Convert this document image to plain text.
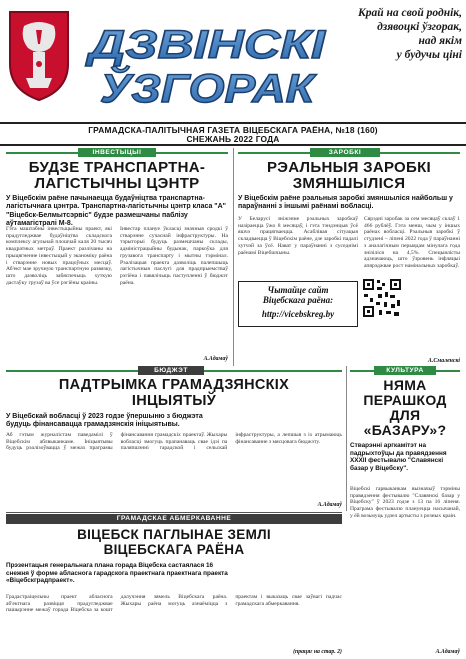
ДЗВІНСКІ
ЎЗГОРАК
Край на свой роднік,
дзявоцкі ўзгорак,
над якім
у будучы ціні
ГРАМАДСКА-ПАЛІТЫЧНАЯ ГАЗЕТА ВІЦЕБСКАГА РАЁНА, №18 (160)
СНЕЖАНЬ 2022 ГОДА
ІНВЕСТЫЦЫІ
БУДЗЕ ТРАНСПАРТНА-
ЛАГІСТЫЧНЫ ЦЭНТР
У Віцебскім раёне пачынаецца будаўніцтва транспартна-лагістычнага цэнтра. Транспартна-лагістычны цэнтр класа "А" "Віцебск-Белмытсэрвіс" будзе размешчаны паблізу аўтамагістралі М-8.
Гэта маштабны інвестыцыйны праект, які прадугледжвае будаўніцтва складскога комплексу агульнай плошчай каля 20 тысяч квадратных метраў. Праект разлічаны на прыцягненне інвестыцый у эканоміку раёна і стварэнне новых працоўных месцаў. Аб'ект мае зручную транспартную развязку, што дазволіць забяспечыць хуткую дастаўку грузаў ва ўсе рэгіёны краіны.
Інвестар плануе ўкласці значныя сродкі ў стварэнне сучаснай інфраструктуры. На тэрыторыі будуць размешчаны склады, адміністрацыйны будынак, паркоўка для грузавога транспарту і мытны тэрмінал. Рэалізацыя праекта дазволіць палепшыць лагістычныя паслугі для прадпрыемстваў рэгіёна і павялічыць паступленні ў бюджэт раёна.
А.Адамаў
ЗАРОБКІ
РЭАЛЬНЫЯ ЗАРОБКІ
ЗМЯНШЫЛІСЯ
У Віцебскім раёне рэальныя заробкі змяншыліся найбольш у параўнанні з іншымі раёнамі вобласці.
У Беларусі зніжэнне рэальных заробкаў назіраецца ўжо 8 месяцаў, і гэта тэндэнцыя ўсё яшчэ працягваецца. Асаблівая сітуацыя складваецца ў Віцебскім раёне, дзе заробкі падалі хутчэй за ўсё. Нават у параўнанні з суседнімі раёнамі Віцебшчыны.
Сярэдні заробак за сем месяцаў склаў 1 466 рублёў. Гэта менш, чым у іншых раёнах вобласці. Рэальныя заробкі ў студзені – ліпені 2022 года ў параўнанні з аналагічным перыядам мінулага года знізіліся на 4,5%. Спецыялісты адзначаюць, што ўзровень інфляцыі апярэджвае рост намінальных заробкаў.
Чытайце сайт
Віцебскага раёна:
http://vicebskreg.by
А.Смаленскі
БЮДЖЭТ
ПАДТРЫМКА ГРАМАДЗЯНСКІХ
ІНЦЫЯТЫЎ
У Віцебскай вобласці ў 2023 годзе ўпершыню з бюджэта будуць фінансавацца грамадзянскія ініцыятывы.
Аб гэтым журналістам паведамілі ў Віцебскім аблвыканкаме. Ініцыятывы будуць рэалізоўвацца ў межах праграмы фінансавання грамадскіх праектаў. Жыхары вобласці змогуць прапанаваць свае ідэі па паляпшэнні гарадской і сельскай інфраструктуры, а лепшыя з іх атрымаюць фінансаванне з мясцовага бюджэту.
А.Адамаў
КУЛЬТУРА
НЯМА
ПЕРАШКОД
ДЛЯ
«БАЗАРУ»?
Стварэнні аргкамітэт на падрыхтоўцы да правядзення XXXII фестывалю "Славянскі базар у Віцебску".
Віцебскі гарвыканкам вызначыў тэрміны правядзення фестывалю "Славянскі базар у Віцебску" ў 2023 годзе з 13 па 16 ліпеня. Праграма фестывалю плануецца насычанай, у ёй возьмуць удзел артысты з розных краін.
А.Адамаў
ГРАМАДСКАЕ АБМЕРКАВАННЕ
ВІЦЕБСК ПАГЛЫНАЕ ЗЕМЛІ
ВІЦЕБСКАГА РАЁНА
Прэзентацыя генеральнага плана горада Віцебска састаялася 16 снежня ў форме абласнога гарадскога праектнага праектнага праекта «Віцебскградпраект».
Градастраіцельны праект абласнога аб'ектнага развіцця прадугледжвае пашырэнне межаў горада Віцебска за кошт далучэння зямель Віцебскага раёна. Жыхары раёна могуць азнаёміцца з праектам і выказаць свае заўвагі падчас грамадскага абмеркавання.
(працяг на стар. 2)
